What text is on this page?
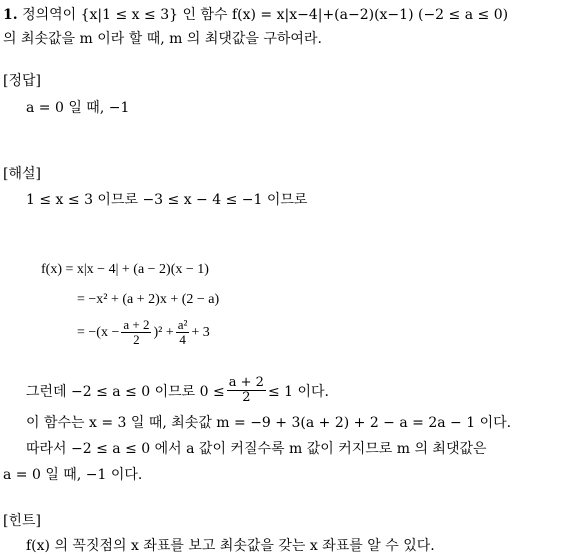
1. 정의역이 {x|1 ≤ x ≤ 3} 인 함수 f(x) = x|x−4|+(a−2)(x−1) (−2 ≤ a ≤ 0)
의 최솟값을 m 이라 할 때, m 의 최댓값을 구하여라.
[정답]
a = 0 일 때, −1
[해설]
1 ≤ x ≤ 3 이므로 −3 ≤ x − 4 ≤ −1 이므로
f(x) = x|x − 4| + (a − 2)(x − 1)
= −x² + (a + 2)x + (2 − a)
= $-(x - \frac{a + 2}{2} )^2 + \frac{\text{a²}}{4} + 3$
그런데 −2 ≤ a ≤ 0 이므로 $0 \le \frac{a + 2}{2} \le 1$ 이다.
이 함수는 x = 3 일 때, 최솟값 m = −9 + 3(a + 2) + 2 − a = 2a − 1 이다.
따라서 −2 ≤ a ≤ 0 에서 a 값이 커질수록 m 값이 커지므로 m 의 최댓값은
a = 0 일 때, −1 이다.
[힌트]
f(x) 의 꼭짓점의 x 좌표를 보고 최솟값을 갖는 x 좌표를 알 수 있다.
